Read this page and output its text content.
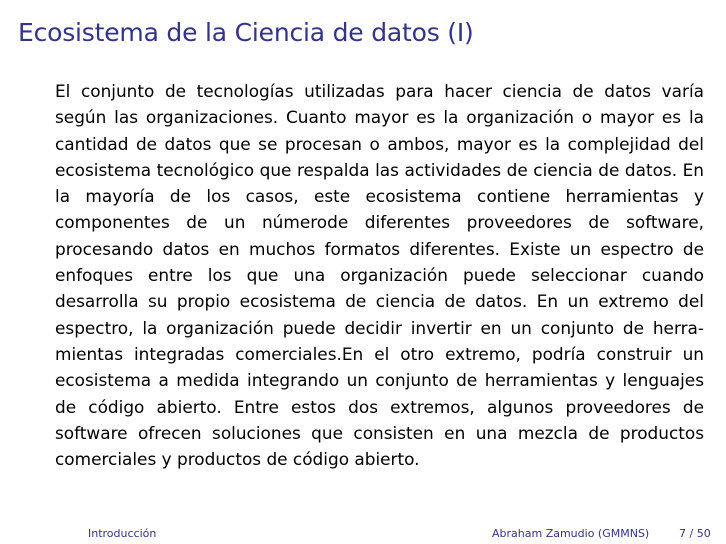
Ecosistema de la Ciencia de datos (I)

El conjunto de tecnologías utilizadas para hacer ciencia de datos varía según las organizaciones. Cuanto mayor es la organización o mayor es la cantidad de datos que se procesan o ambos, mayor es la complejidad del ecosistema tecnológico que respalda las actividades de ciencia de datos. En la mayoría de los casos, este ecosistema contiene herramientas y componentes de un númerode diferentes proveedores de software, procesando datos en muchos formatos diferentes. Existe un espectro de enfoques entre los que una organización puede seleccionar cuando desarrolla su propio ecosistema de ciencia de datos. En un extremo del espectro, la organización puede decidir invertir en un conjunto de herramientas integradas comerciales.En el otro extremo, podría construir un ecosistema a medida integrando un conjunto de herramientas y lenguajes de código abierto. Entre estos dos extremos, algunos proveedores de software ofrecen soluciones que consisten en una mezcla de productos comerciales y productos de código abierto.

Introducción	Abraham Zamudio (GMMNS)	7 / 50
